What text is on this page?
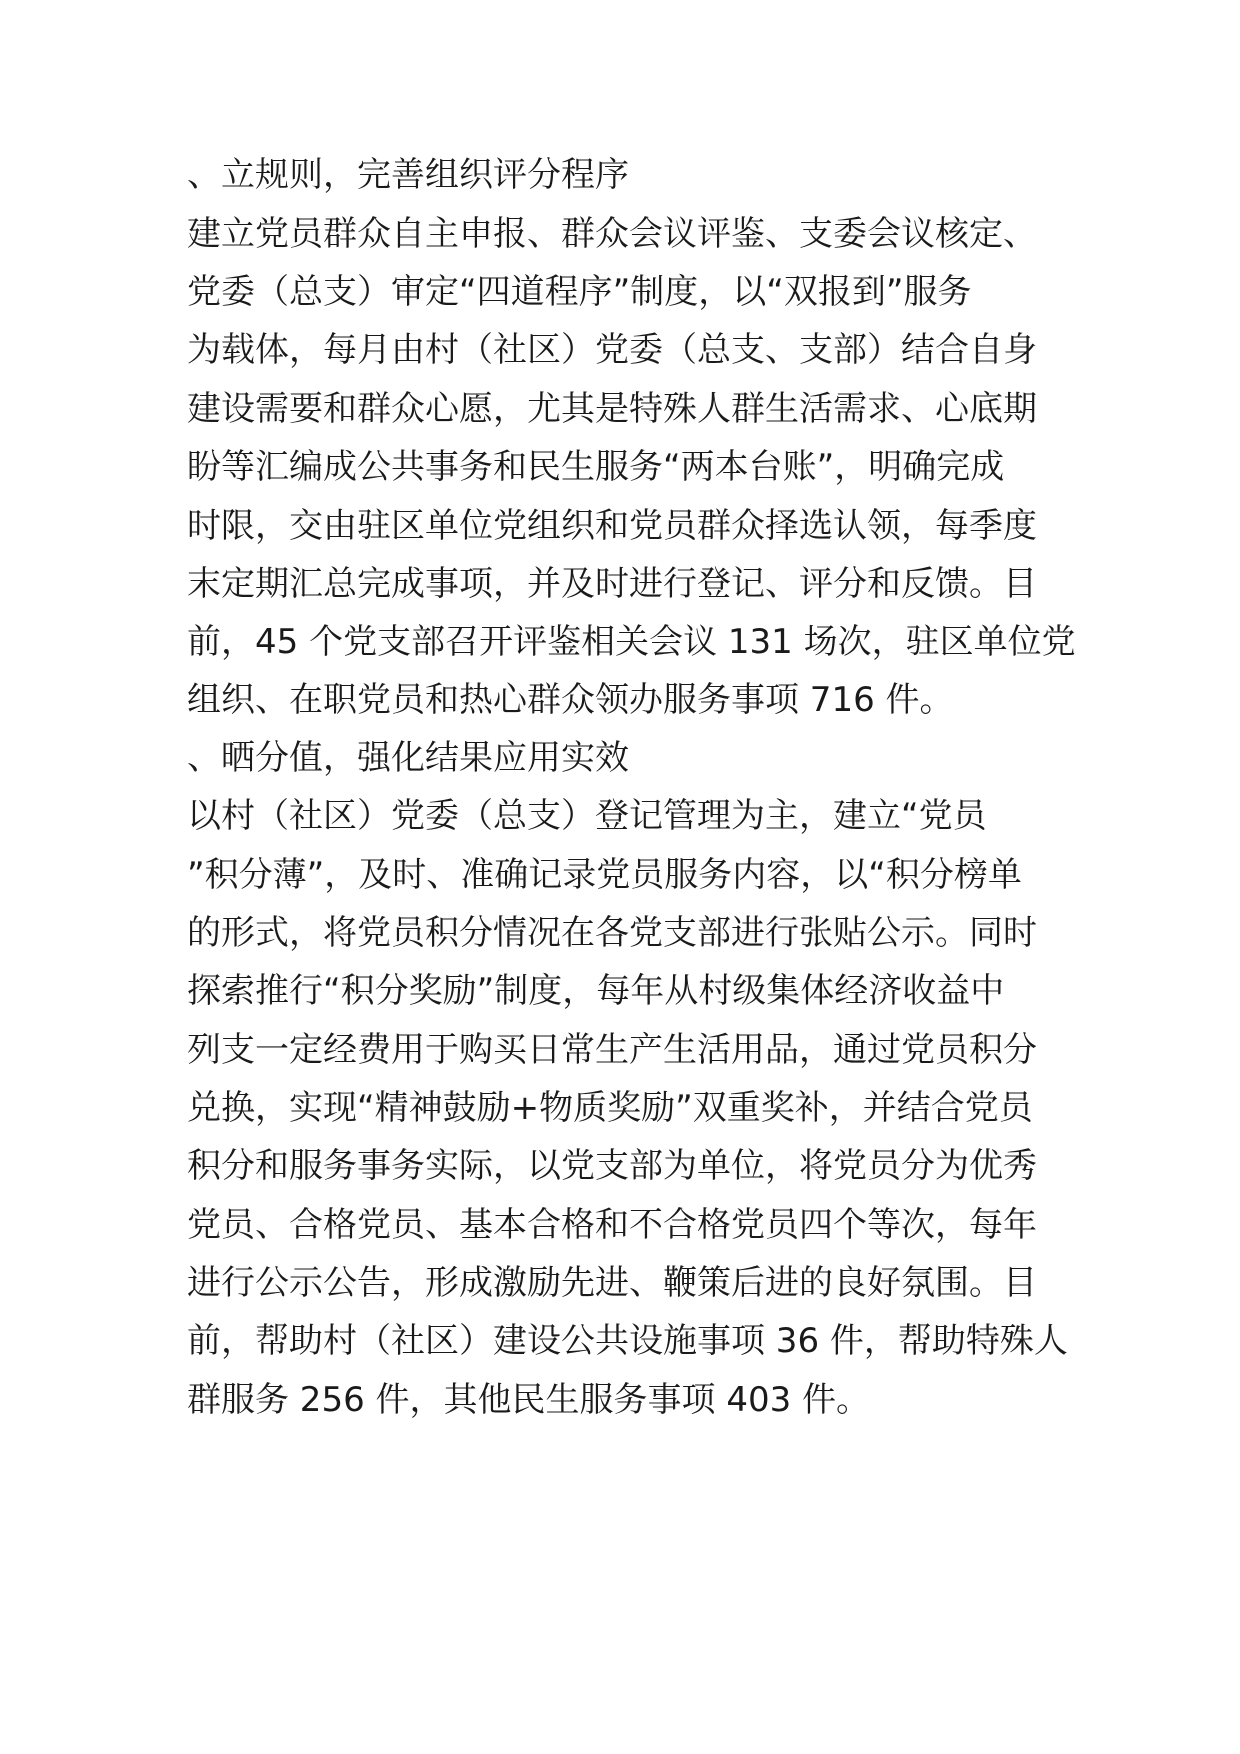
、立规则，完善组织评分程序
建立党员群众自主申报、群众会议评鉴、支委会议核定、
党委（总支）审定“四道程序”制度，以“双报到”服务
为载体，每月由村（社区）党委（总支、支部）结合自身
建设需要和群众心愿，尤其是特殊人群生活需求、心底期
盼等汇编成公共事务和民生服务“两本台账”，明确完成
时限，交由驻区单位党组织和党员群众择选认领，每季度
末定期汇总完成事项，并及时进行登记、评分和反馈。目
前，45 个党支部召开评鉴相关会议 131 场次，驻区单位党
组织、在职党员和热心群众领办服务事项 716 件。
、晒分值，强化结果应用实效
以村（社区）党委（总支）登记管理为主，建立“党员
”积分薄”，及时、准确记录党员服务内容，以“积分榜单
的形式，将党员积分情况在各党支部进行张贴公示。同时
探索推行“积分奖励”制度，每年从村级集体经济收益中
列支一定经费用于购买日常生产生活用品，通过党员积分
兑换，实现“精神鼓励+物质奖励”双重奖补，并结合党员
积分和服务事务实际，以党支部为单位，将党员分为优秀
党员、合格党员、基本合格和不合格党员四个等次，每年
进行公示公告，形成激励先进、鞭策后进的良好氛围。目
前，帮助村（社区）建设公共设施事项 36 件，帮助特殊人
群服务 256 件，其他民生服务事项 403 件。
